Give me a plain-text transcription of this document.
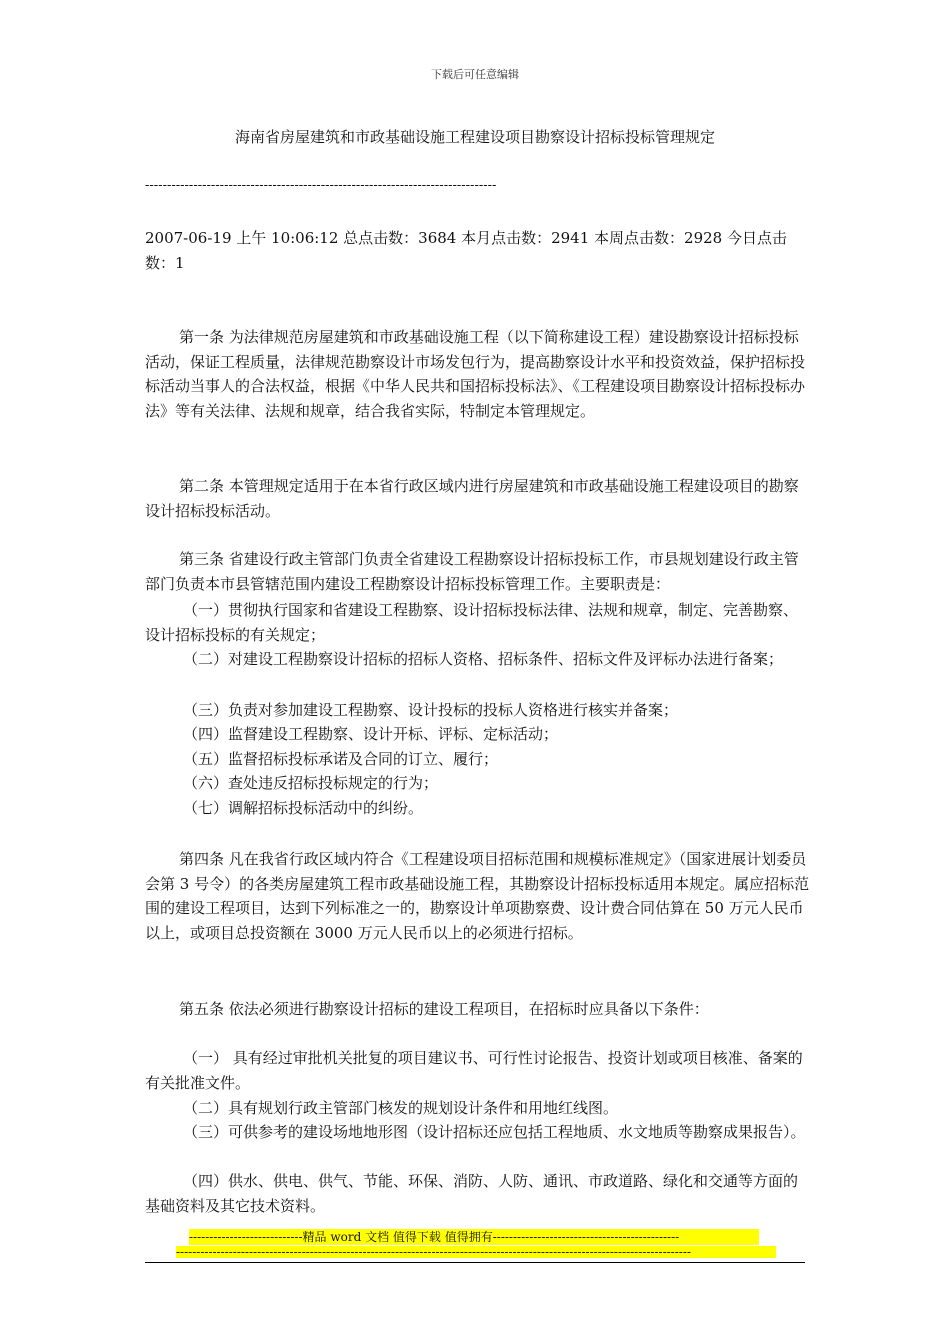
下载后可任意编辑
海南省房屋建筑和市政基础设施工程建设项目勘察设计招标投标管理规定
--------------------------------------------------------------------------------
2007-06-19 上午 10:06:12 总点击数：3684 本月点击数：2941 本周点击数：2928 今日点击数：1

第一条 为法律规范房屋建筑和市政基础设施工程（以下简称建设工程）建设勘察设计招标投标活动，保证工程质量，法律规范勘察设计市场发包行为，提高勘察设计水平和投资效益，保护招标投标活动当事人的合法权益，根据《中华人民共和国招标投标法》、《工程建设项目勘察设计招标投标办法》等有关法律、法规和规章，结合我省实际，特制定本管理规定。

第二条 本管理规定适用于在本省行政区域内进行房屋建筑和市政基础设施工程建设项目的勘察设计招标投标活动。

第三条 省建设行政主管部门负责全省建设工程勘察设计招标投标工作，市县规划建设行政主管部门负责本市县管辖范围内建设工程勘察设计招标投标管理工作。主要职责是：

（一）贯彻执行国家和省建设工程勘察、设计招标投标法律、法规和规章，制定、完善勘察、设计招标投标的有关规定；

（二）对建设工程勘察设计招标的招标人资格、招标条件、招标文件及评标办法进行备案；

（三）负责对参加建设工程勘察、设计投标的投标人资格进行核实并备案；

（四）监督建设工程勘察、设计开标、评标、定标活动；

（五）监督招标投标承诺及合同的订立、履行；

（六）查处违反招标投标规定的行为；

（七）调解招标投标活动中的纠纷。

第四条 凡在我省行政区域内符合《工程建设项目招标范围和规模标准规定》（国家进展计划委员会第 3 号令）的各类房屋建筑工程市政基础设施工程，其勘察设计招标投标适用本规定。属应招标范围的建设工程项目，达到下列标准之一的，勘察设计单项勘察费、设计费合同估算在 50 万元人民币以上，或项目总投资额在 3000 万元人民币以上的必须进行招标。

第五条 依法必须进行勘察设计招标的建设工程项目，在招标时应具备以下条件：

（一） 具有经过审批机关批复的项目建议书、可行性讨论报告、投资计划或项目核准、备案的有关批准文件。

（二）具有规划行政主管部门核发的规划设计条件和用地红线图。

（三）可供参考的建设场地地形图（设计招标还应包括工程地质、水文地质等勘察成果报告）。

（四）供水、供电、供气、节能、环保、消防、人防、通讯、市政道路、绿化和交通等方面的基础资料及其它技术资料。

----------------------------精品 word 文档 值得下载 值得拥有----------------------------------------------
-------------------------------------------------------------------------------------------------------------------------------
